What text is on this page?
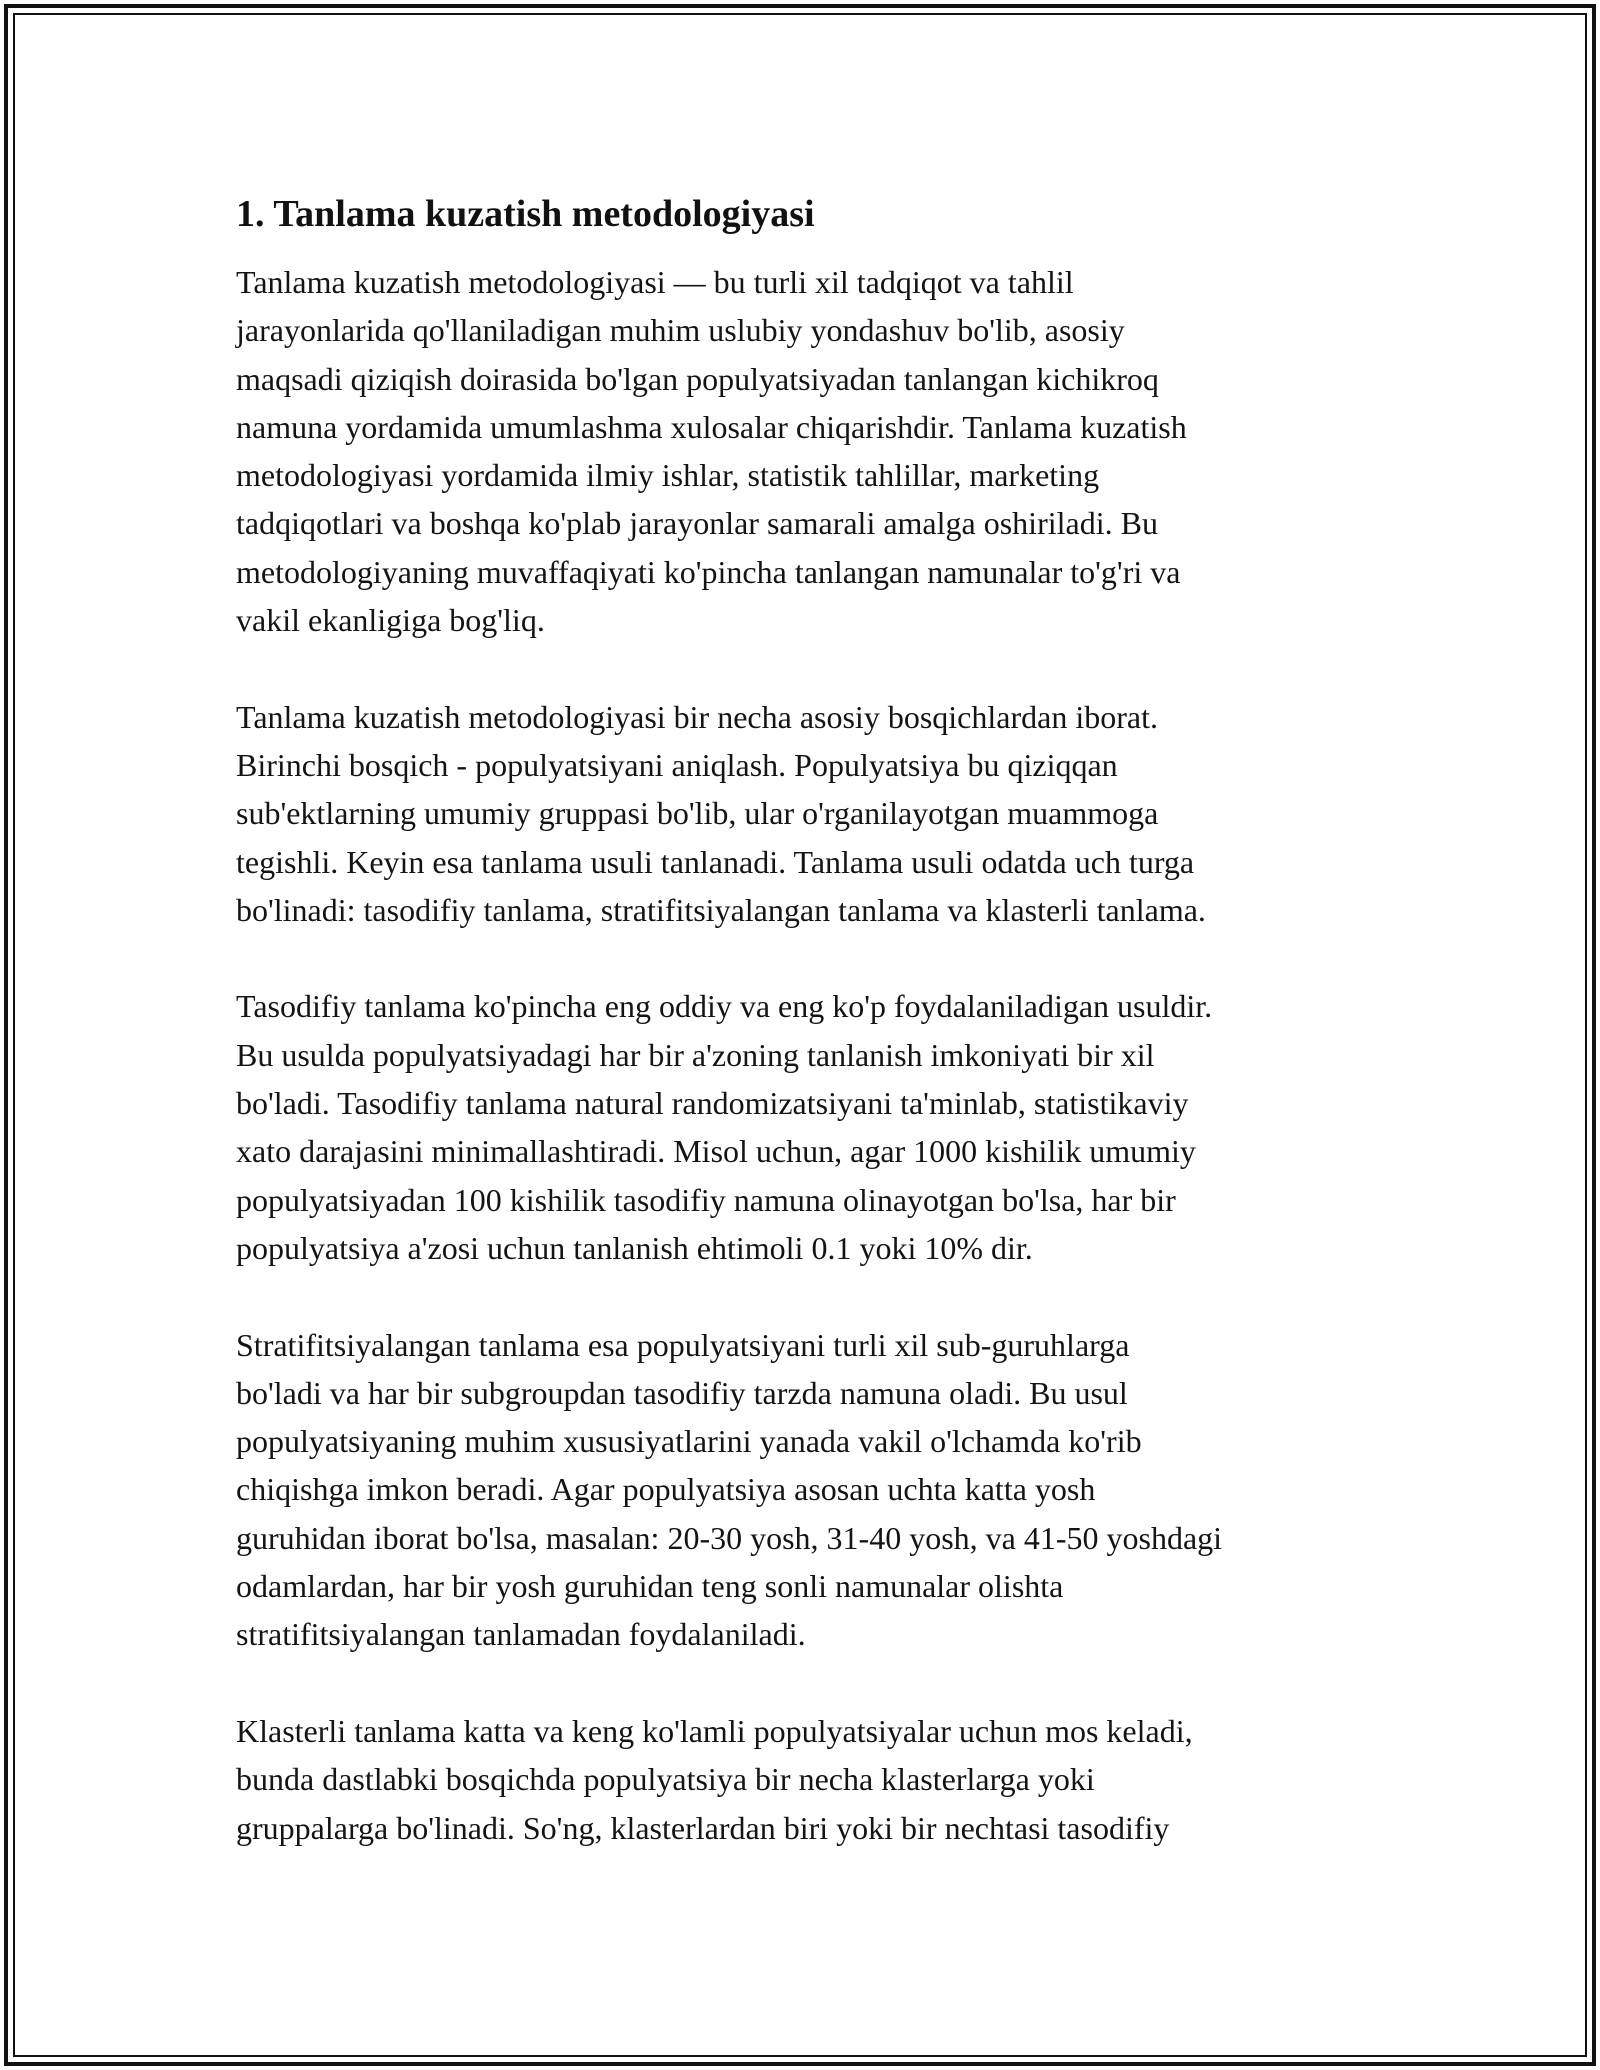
1. Tanlama kuzatish metodologiyasi

Tanlama kuzatish metodologiyasi — bu turli xil tadqiqot va tahlil
jarayonlarida qo'llaniladigan muhim uslubiy yondashuv bo'lib, asosiy
maqsadi qiziqish doirasida bo'lgan populyatsiyadan tanlangan kichikroq
namuna yordamida umumlashma xulosalar chiqarishdir. Tanlama kuzatish
metodologiyasi yordamida ilmiy ishlar, statistik tahlillar, marketing
tadqiqotlari va boshqa ko'plab jarayonlar samarali amalga oshiriladi. Bu
metodologiyaning muvaffaqiyati ko'pincha tanlangan namunalar to'g'ri va
vakil ekanligiga bog'liq.

Tanlama kuzatish metodologiyasi bir necha asosiy bosqichlardan iborat.
Birinchi bosqich - populyatsiyani aniqlash. Populyatsiya bu qiziqqan
sub'ektlarning umumiy gruppasi bo'lib, ular o'rganilayotgan muammoga
tegishli. Keyin esa tanlama usuli tanlanadi. Tanlama usuli odatda uch turga
bo'linadi: tasodifiy tanlama, stratifitsiyalangan tanlama va klasterli tanlama.

Tasodifiy tanlama ko'pincha eng oddiy va eng ko'p foydalaniladigan usuldir.
Bu usulda populyatsiyadagi har bir a'zoning tanlanish imkoniyati bir xil
bo'ladi. Tasodifiy tanlama natural randomizatsiyani ta'minlab, statistikaviy
xato darajasini minimallashtiradi. Misol uchun, agar 1000 kishilik umumiy
populyatsiyadan 100 kishilik tasodifiy namuna olinayotgan bo'lsa, har bir
populyatsiya a'zosi uchun tanlanish ehtimoli 0.1 yoki 10% dir.

Stratifitsiyalangan tanlama esa populyatsiyani turli xil sub-guruhlarga
bo'ladi va har bir subgroupdan tasodifiy tarzda namuna oladi. Bu usul
populyatsiyaning muhim xususiyatlarini yanada vakil o'lchamda ko'rib
chiqishga imkon beradi. Agar populyatsiya asosan uchta katta yosh
guruhidan iborat bo'lsa, masalan: 20-30 yosh, 31-40 yosh, va 41-50 yoshdagi
odamlardan, har bir yosh guruhidan teng sonli namunalar olishta
stratifitsiyalangan tanlamadan foydalaniladi.

Klasterli tanlama katta va keng ko'lamli populyatsiyalar uchun mos keladi,
bunda dastlabki bosqichda populyatsiya bir necha klasterlarga yoki
gruppalarga bo'linadi. So'ng, klasterlardan biri yoki bir nechtasi tasodifiy
